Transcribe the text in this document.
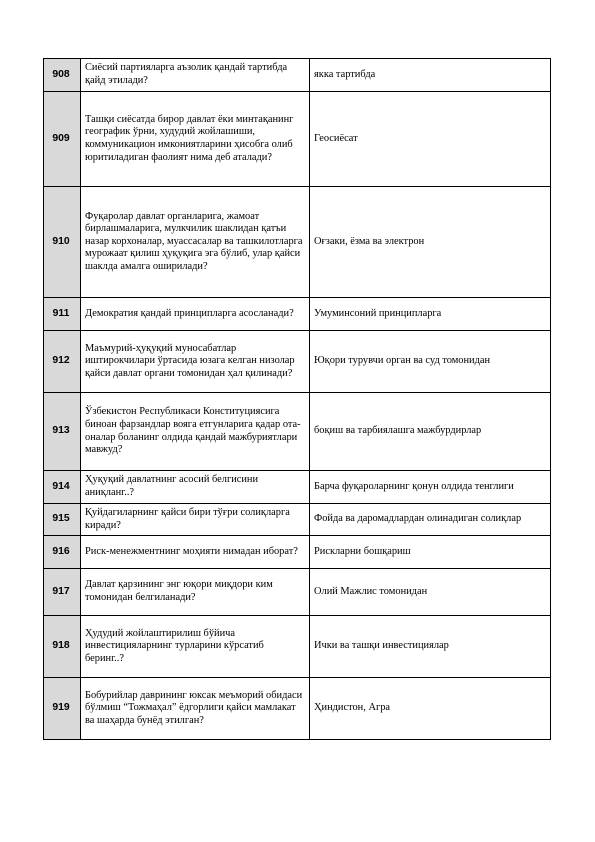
908	Сиёсий партияларга аъзолик қандай тартибда қайд этилади?	якка тартибда
909	Ташқи сиёсатда бирор давлат ёки минтақанинг географик ўрни, худудий жойлашиши, коммуникацион имкониятларини ҳисобга олиб юритиладиган фаолият нима деб аталади?	Геосиёсат
910	Фуқаролар давлат органларига, жамоат бирлашмаларига, мулкчилик шаклидан қатъи назар корхоналар, муассасалар ва ташкилотларга мурожаат қилиш ҳуқуқига эга бўлиб, улар қайси шаклда амалга оширилади?	Оғзаки, ёзма ва электрон
911	Демократия қандай принципларга асосланади?	Умуминсоний принципларга
912	Маъмурий-ҳуқуқий муносабатлар иштирокчилари ўртасида юзага келган низолар қайси давлат органи томонидан ҳал қилинади?	Юқори турувчи орган ва суд томонидан
913	Ўзбекистон Республикаси Конституциясига биноан фарзандлар вояга етгунларига қадар ота-оналар боланинг олдида қандай мажбуриятлари мавжуд?	боқиш ва тарбиялашга мажбурдирлар
914	Ҳуқуқий давлатнинг асосий белгисини аниқланг..?	Барча фуқароларнинг қонун олдида тенглиги
915	Қуйдагиларнинг қайси бири тўғри солиқларга киради?	Фойда ва даромадлардан олинадиган солиқлар
916	Риск-менежментнинг моҳияти нимадан иборат?	Рискларни бошқариш
917	Давлат қарзининг энг юқори миқдори ким томонидан белгиланади?	Олий Мажлис томонидан
918	Ҳудудий жойлаштирилиш бўйича инвестицияларнинг турларини кўрсатиб беринг..?	Ички ва ташқи инвестициялар
919	Бобурийлар даврининг юксак меъморий обидаси бўлмиш “Тожмаҳал” ёдгорлиги қайси мамлакат ва шаҳарда бунёд этилган?	Ҳиндистон, Агра
